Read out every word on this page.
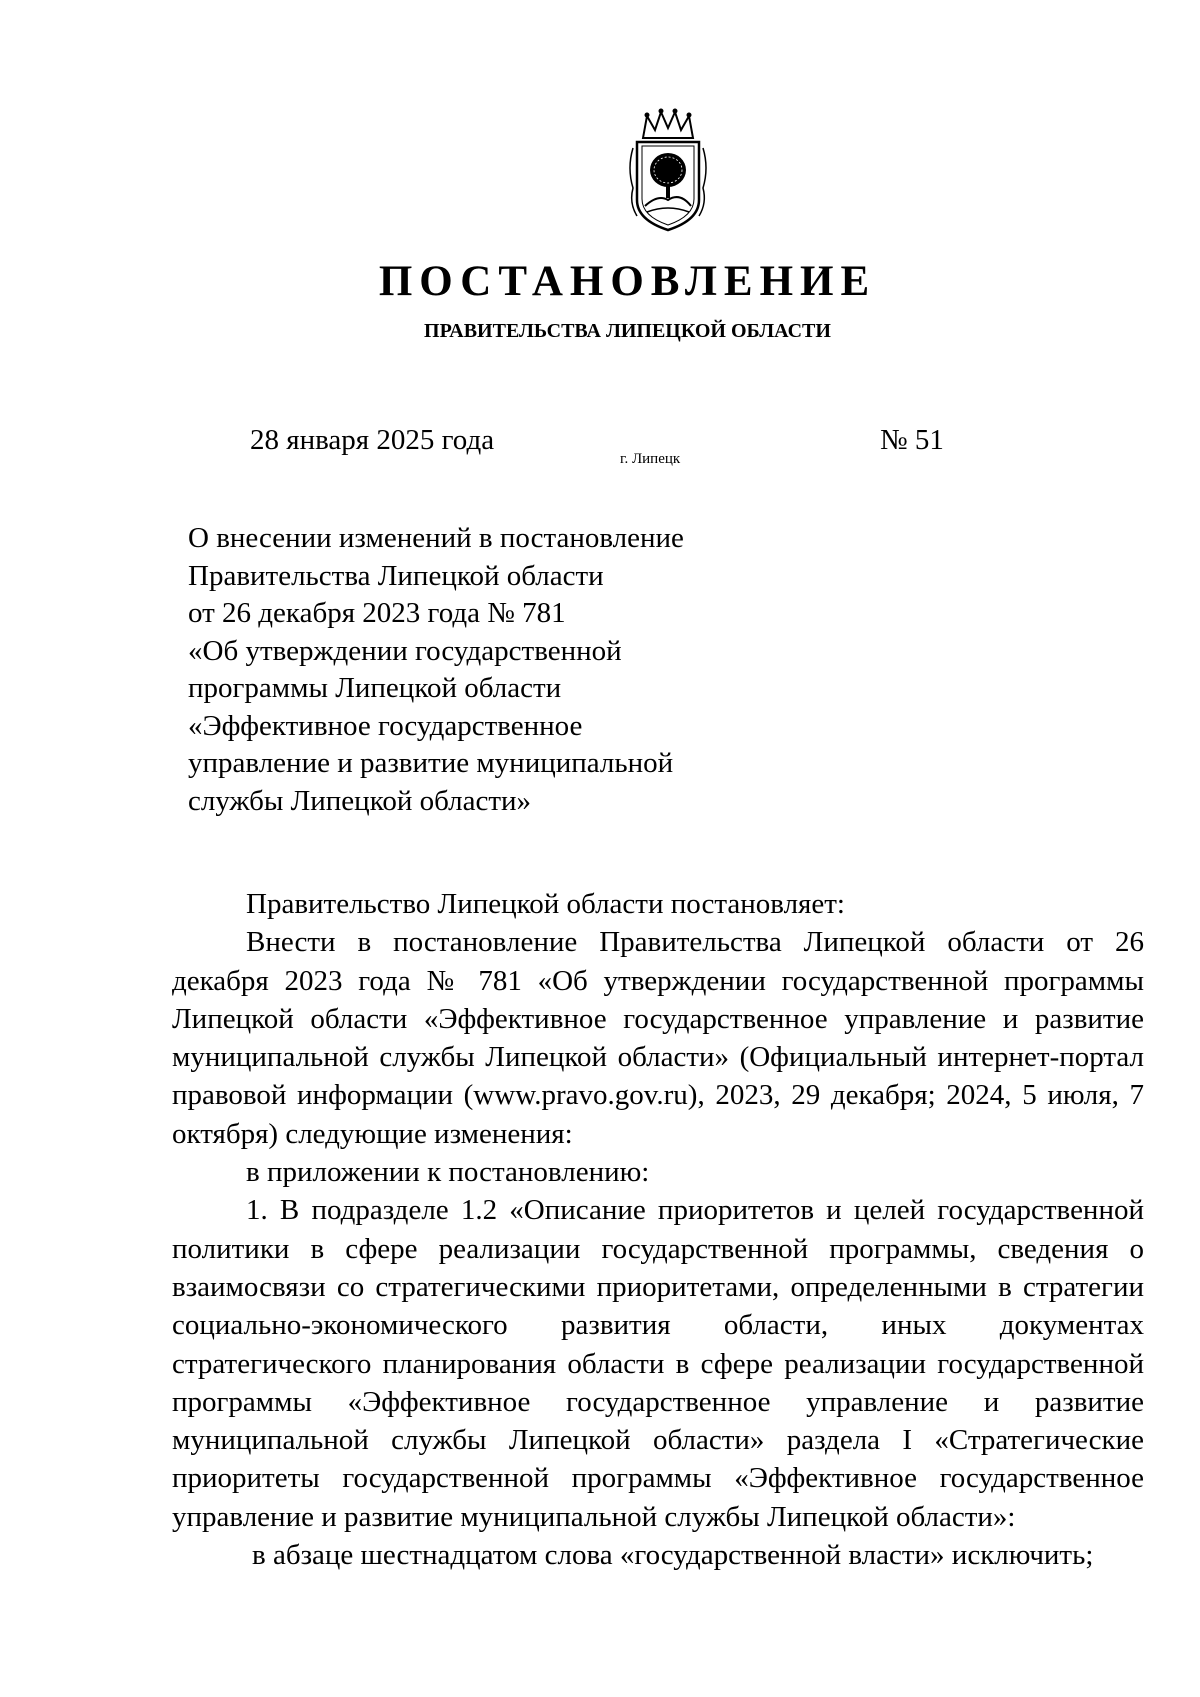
ПОСТАНОВЛЕНИЕ
ПРАВИТЕЛЬСТВА ЛИПЕЦКОЙ ОБЛАСТИ
28 января 2025 года
г. Липецк
№ 51
О внесении изменений в постановление
Правительства Липецкой области
от 26 декабря 2023 года № 781
«Об утверждении государственной
программы Липецкой области
«Эффективное государственное
управление и развитие муниципальной
службы Липецкой области»

Правительство Липецкой области постановляет:

Внести в постановление Правительства Липецкой области от 26 декабря 2023 года № 781 «Об утверждении государственной программы Липецкой области «Эффективное государственное управление и развитие муниципальной службы Липецкой области» (Официальный интернет-портал правовой информации (www.pravo.gov.ru), 2023, 29 декабря; 2024, 5 июля, 7 октября) следующие изменения:

в приложении к постановлению:

1. В подразделе 1.2 «Описание приоритетов и целей государственной политики в сфере реализации государственной программы, сведения о взаимосвязи со стратегическими приоритетами, определенными в стратегии социально-экономического развития области, иных документах стратегического планирования области в сфере реализации государственной программы «Эффективное государственное управление и развитие муниципальной службы Липецкой области» раздела I «Стратегические приоритеты государственной программы «Эффективное государственное управление и развитие муниципальной службы Липецкой области»:

в абзаце шестнадцатом слова «государственной власти» исключить;
